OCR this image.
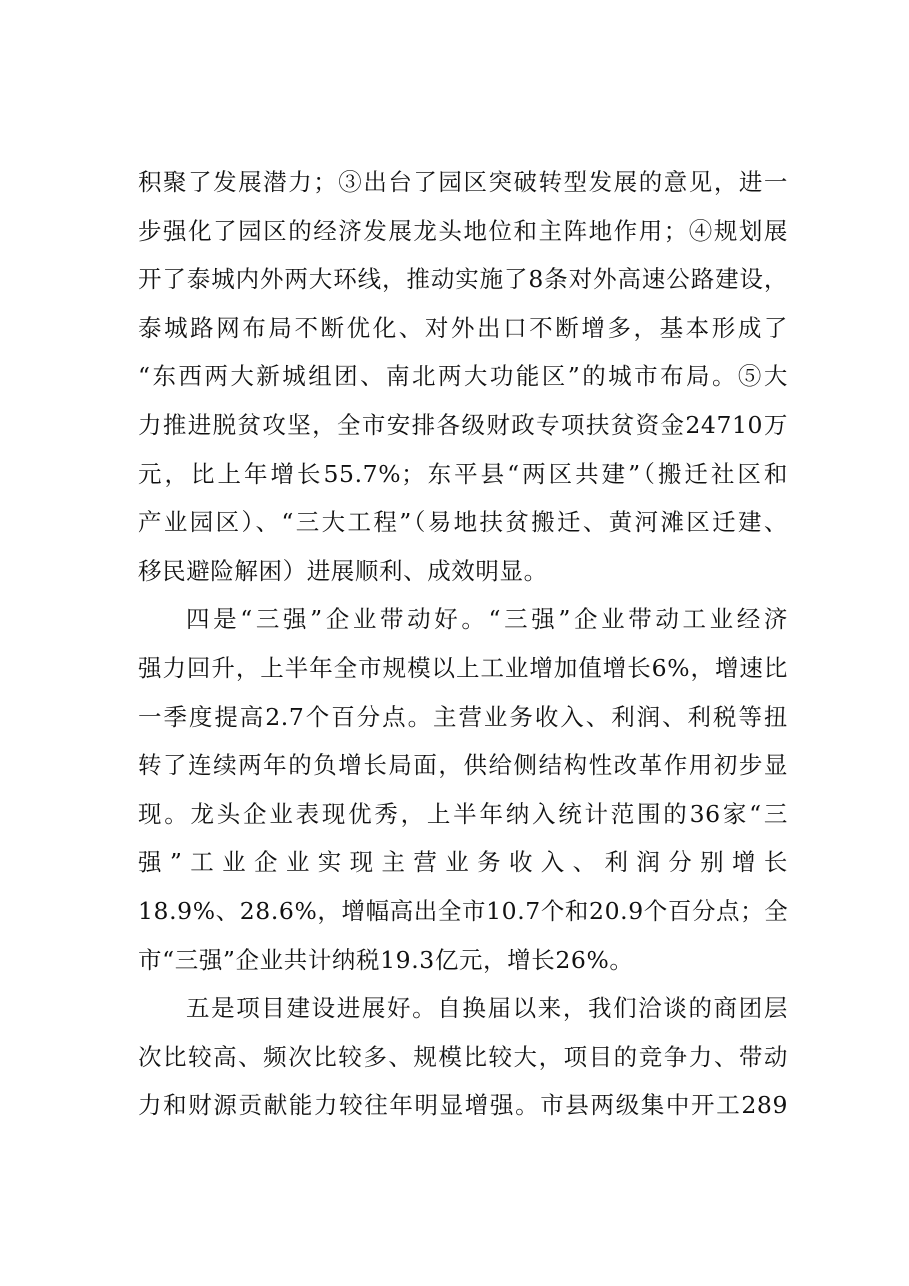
积聚了发展潜力；③出台了园区突破转型发展的意见，进一
步强化了园区的经济发展龙头地位和主阵地作用；④规划展
开了泰城内外两大环线，推动实施了8条对外高速公路建设，
泰城路网布局不断优化、对外出口不断增多，基本形成了
“东西两大新城组团、南北两大功能区”的城市布局。⑤大
力推进脱贫攻坚，全市安排各级财政专项扶贫资金24710万
元，比上年增长55.7%；东平县“两区共建”（搬迁社区和
产业园区）、“三大工程”（易地扶贫搬迁、黄河滩区迁建、
移民避险解困）进展顺利、成效明显。
四是“三强”企业带动好。“三强”企业带动工业经济
强力回升，上半年全市规模以上工业增加值增长6%，增速比
一季度提高2.7个百分点。主营业务收入、利润、利税等扭
转了连续两年的负增长局面，供给侧结构性改革作用初步显
现。龙头企业表现优秀，上半年纳入统计范围的36家“三
强”工业企业实现主营业务收入、利润分别增长
18.9%、28.6%，增幅高出全市10.7个和20.9个百分点；全
市“三强”企业共计纳税19.3亿元，增长26%。
五是项目建设进展好。自换届以来，我们洽谈的商团层
次比较高、频次比较多、规模比较大，项目的竞争力、带动
力和财源贡献能力较往年明显增强。市县两级集中开工289
